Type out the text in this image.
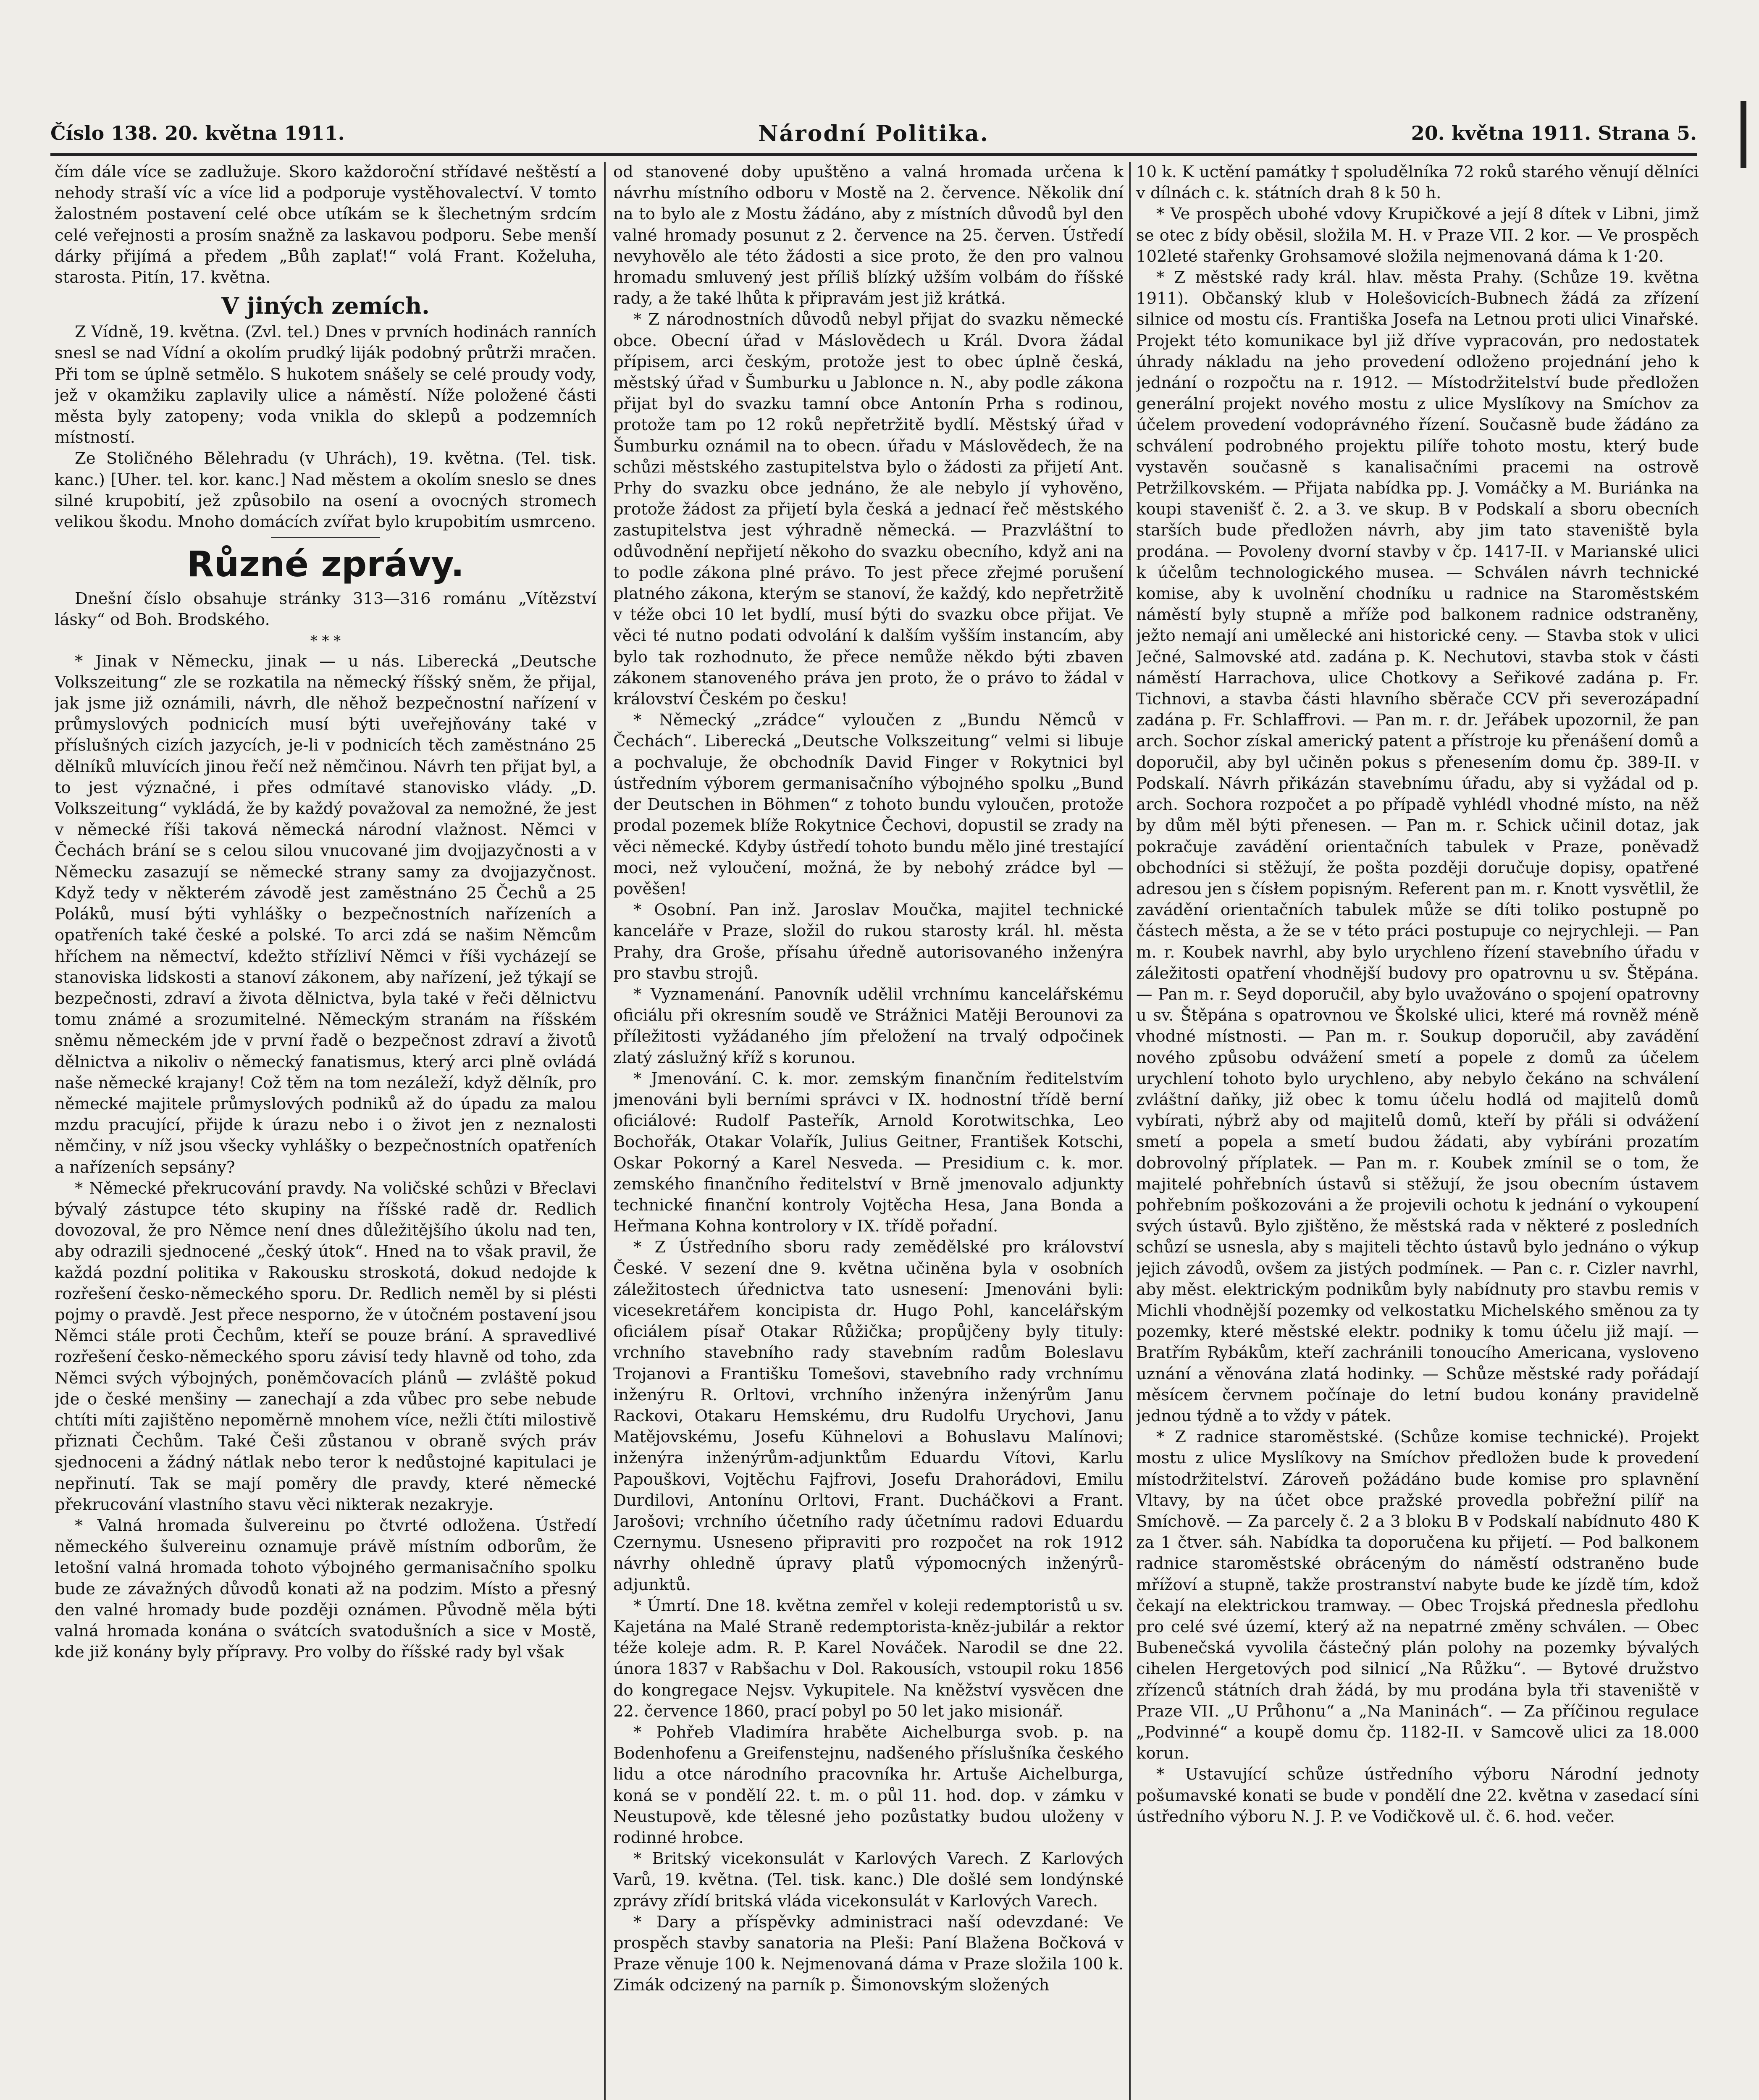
Číslo 138. 20. května 1911.	Národní Politika.	20. května 1911. Strana 5.

čím dále více se zadlužuje. Skoro každoroční střídavé neštěstí a nehody straší víc a více lid a podporuje vystěhovalectví. V tomto žalostném postavení celé obce utíkám se k šlechetným srdcím celé veřejnosti a prosím snažně za laskavou podporu. Sebe menší dárky přijímá a předem „Bůh zaplať!“ volá Frant. Koželuha, starosta. Pitín, 17. května.

V jiných zemích.

Z Vídně, 19. května. (Zvl. tel.) Dnes v prvních hodinách ranních snesl se nad Vídní a okolím prudký liják podobný průtrži mračen. Při tom se úplně setmělo. S hukotem snášely se celé proudy vody, jež v okamžiku zaplavily ulice a náměstí. Níže položené části města byly zatopeny; voda vnikla do sklepů a podzemních místností.

Ze Stoličného Bělehradu (v Uhrách), 19. května. (Tel. tisk. kanc.) [Uher. tel. kor. kanc.] Nad městem a okolím sneslo se dnes silné krupobití, jež způsobilo na osení a ovocných stromech velikou škodu. Mnoho domácích zvířat bylo krupobitím usmrceno.

Různé zprávy.

Dnešní číslo obsahuje stránky 313—316 románu „Vítězství lásky“ od Boh. Brodského.

* * *

* Jinak v Německu, jinak — u nás. Liberecká „Deutsche Volkszeitung“ zle se rozkatila na německý říšský sněm, že přijal, jak jsme již oznámili, návrh, dle něhož bezpečnostní nařízení v průmyslových podnicích musí býti uveřejňovány také v příslušných cizích jazycích, je-li v podnicích těch zaměstnáno 25 dělníků mluvících jinou řečí než němčinou. Návrh ten přijat byl, a to jest význačné, i přes odmítavé stanovisko vlády. „D. Volkszeitung“ vykládá, že by každý považoval za nemožné, že jest v německé říši taková německá národní vlažnost. Němci v Čechách brání se s celou silou vnucované jim dvojjazyčnosti a v Německu zasazují se německé strany samy za dvojjazyčnost. Když tedy v některém závodě jest zaměstnáno 25 Čechů a 25 Poláků, musí býti vyhlášky o bezpečnostních nařízeních a opatřeních také české a polské. To arci zdá se našim Němcům hříchem na němectví, kdežto střízliví Němci v říši vycházejí se stanoviska lidskosti a stanoví zákonem, aby nařízení, jež týkají se bezpečnosti, zdraví a života dělnictva, byla také v řeči dělnictvu tomu známé a srozumitelné. Německým stranám na říšském sněmu německém jde v první řadě o bezpečnost zdraví a životů dělnictva a nikoliv o německý fanatismus, který arci plně ovládá naše německé krajany! Což těm na tom nezáleží, když dělník, pro německé majitele průmyslových podniků až do úpadu za malou mzdu pracující, přijde k úrazu nebo i o život jen z neznalosti němčiny, v níž jsou všecky vyhlášky o bezpečnostních opatřeních a nařízeních sepsány?

* Německé překrucování pravdy. Na voličské schůzi v Břeclavi bývalý zástupce této skupiny na říšské radě dr. Redlich dovozoval, že pro Němce není dnes důležitějšího úkolu nad ten, aby odrazili sjednocené „český útok“. Hned na to však pravil, že každá pozdní politika v Rakousku stroskotá, dokud nedojde k rozřešení česko-německého sporu. Dr. Redlich neměl by si plésti pojmy o pravdě. Jest přece nesporno, že v útočném postavení jsou Němci stále proti Čechům, kteří se pouze brání. A spravedlivé rozřešení česko-německého sporu závisí tedy hlavně od toho, zda Němci svých výbojných, poněmčovacích plánů — zvláště pokud jde o české menšiny — zanechají a zda vůbec pro sebe nebude chtíti míti zajištěno nepoměrně mnohem více, nežli čtíti milostivě přiznati Čechům. Také Češi zůstanou v obraně svých práv sjednoceni a žádný nátlak nebo teror k nedůstojné kapitulaci je nepřinutí. Tak se mají poměry dle pravdy, které německé překrucování vlastního stavu věci nikterak nezakryje.

* Valná hromada šulvereinu po čtvrté odložena. Ústředí německého šulvereinu oznamuje právě místním odborům, že letošní valná hromada tohoto výbojného germanisačního spolku bude ze závažných důvodů konati až na podzim. Místo a přesný den valné hromady bude později oznámen. Původně měla býti valná hromada konána o svátcích svatodušních a sice v Mostě, kde již konány byly přípravy. Pro volby do říšské rady byl však

od stanovené doby upuštěno a valná hromada určena k návrhu místního odboru v Mostě na 2. července. Několik dní na to bylo ale z Mostu žádáno, aby z místních důvodů byl den valné hromady posunut z 2. července na 25. červen. Ústředí nevyhovělo ale této žádosti a sice proto, že den pro valnou hromadu smluvený jest příliš blízký užším volbám do říšské rady, a že také lhůta k připravám jest již krátká.

* Z národnostních důvodů nebyl přijat do svazku německé obce. Obecní úřad v Máslovědech u Král. Dvora žádal přípisem, arci českým, protože jest to obec úplně česká, městský úřad v Šumburku u Jablonce n. N., aby podle zákona přijat byl do svazku tamní obce Antonín Prha s rodinou, protože tam po 12 roků nepřetržitě bydlí. Městský úřad v Šumburku oznámil na to obecn. úřadu v Máslovědech, že na schůzi městského zastupitelstva bylo o žádosti za přijetí Ant. Prhy do svazku obce jednáno, že ale nebylo jí vyhověno, protože žádost za přijetí byla česká a jednací řeč městského zastupitelstva jest výhradně německá. — Prazvláštní to odůvodnění nepřijetí někoho do svazku obecního, když ani na to podle zákona plné právo. To jest přece zřejmé porušení platného zákona, kterým se stanoví, že každý, kdo nepřetržitě v téže obci 10 let bydlí, musí býti do svazku obce přijat. Ve věci té nutno podati odvolání k dalším vyšším instancím, aby bylo tak rozhodnuto, že přece nemůže někdo býti zbaven zákonem stanoveného práva jen proto, že o právo to žádal v království Českém po česku!

* Německý „zrádce“ vyloučen z „Bundu Němců v Čechách“. Liberecká „Deutsche Volkszeitung“ velmi si libuje a pochvaluje, že obchodník David Finger v Rokytnici byl ústředním výborem germanisačního výbojného spolku „Bund der Deutschen in Böhmen“ z tohoto bundu vyloučen, protože prodal pozemek blíže Rokytnice Čechovi, dopustil se zrady na věci německé. Kdyby ústředí tohoto bundu mělo jiné trestající moci, než vyloučení, možná, že by nebohý zrádce byl — pověšen!

* Osobní. Pan inž. Jaroslav Moučka, majitel technické kanceláře v Praze, složil do rukou starosty král. hl. města Prahy, dra Groše, přísahu úředně autorisovaného inženýra pro stavbu strojů.

* Vyznamenání. Panovník udělil vrchnímu kancelářskému oficiálu při okresním soudě ve Strážnici Matěji Berounovi za příležitosti vyžádaného jím přeložení na trvalý odpočinek zlatý záslužný kříž s korunou.

* Jmenování. C. k. mor. zemským finančním ředitelstvím jmenováni byli berními správci v IX. hodnostní třídě berní oficiálové: Rudolf Pasteřík, Arnold Korotwitschka, Leo Bochořák, Otakar Volařík, Julius Geitner, František Kotschi, Oskar Pokorný a Karel Nesveda. — Presidium c. k. mor. zemského finančního ředitelství v Brně jmenovalo adjunkty technické finanční kontroly Vojtěcha Hesa, Jana Bonda a Heřmana Kohna kontrolory v IX. třídě pořadní.

* Z Ústředního sboru rady zemědělské pro království České. V sezení dne 9. května učiněna byla v osobních záležitostech úřednictva tato usnesení: Jmenováni byli: vicesekretářem koncipista dr. Hugo Pohl, kancelářským oficiálem písař Otakar Růžička; propůjčeny byly tituly: vrchního stavebního rady stavebním radům Boleslavu Trojanovi a Františku Tomešovi, stavebního rady vrchnímu inženýru R. Orltovi, vrchního inženýra inženýrům Janu Rackovi, Otakaru Hemskému, dru Rudolfu Urychovi, Janu Matějovskému, Josefu Kühnelovi a Bohuslavu Malínovi; inženýra inženýrům-adjunktům Eduardu Vítovi, Karlu Papouškovi, Vojtěchu Fajfrovi, Josefu Drahorádovi, Emilu Durdilovi, Antonínu Orltovi, Frant. Ducháčkovi a Frant. Jarošovi; vrchního účetního rady účetnímu radovi Eduardu Czernymu. Usneseno připraviti pro rozpočet na rok 1912 návrhy ohledně úpravy platů výpomocných inženýrů-adjunktů.

* Úmrtí. Dne 18. května zemřel v koleji redemptoristů u sv. Kajetána na Malé Straně redemptorista-kněz-jubilár a rektor téže koleje adm. R. P. Karel Nováček. Narodil se dne 22. února 1837 v Rabšachu v Dol. Rakousích, vstoupil roku 1856 do kongregace Nejsv. Vykupitele. Na kněžství vysvěcen dne 22. července 1860, prací pobyl po 50 let jako misionář.

* Pohřeb Vladimíra hraběte Aichelburga svob. p. na Bodenhofenu a Greifenstejnu, nadšeného příslušníka českého lidu a otce národního pracovníka hr. Artuše Aichelburga, koná se v pondělí 22. t. m. o půl 11. hod. dop. v zámku v Neustupově, kde tělesné jeho pozůstatky budou uloženy v rodinné hrobce.

* Britský vicekonsulát v Karlových Varech. Z Karlových Varů, 19. května. (Tel. tisk. kanc.) Dle došlé sem londýnské zprávy zřídí britská vláda vicekonsulát v Karlových Varech.

* Dary a příspěvky administraci naší odevzdané: Ve prospěch stavby sanatoria na Pleši: Paní Blažena Bočková v Praze věnuje 100 k. Nejmenovaná dáma v Praze složila 100 k. Zimák odcizený na parník p. Šimonovským složených

10 k. K uctění památky † spoludělníka 72 roků starého věnují dělníci v dílnách c. k. státních drah 8 k 50 h.

* Ve prospěch ubohé vdovy Krupičkové a její 8 dítek v Libni, jimž se otec z bídy oběsil, složila M. H. v Praze VII. 2 kor. — Ve prospěch 102leté stařenky Grohsamové složila nejmenovaná dáma k 1·20.

* Z městské rady král. hlav. města Prahy. (Schůze 19. května 1911). Občanský klub v Holešovicích-Bubnech žádá za zřízení silnice od mostu cís. Františka Josefa na Letnou proti ulici Vinařské. Projekt této komunikace byl již dříve vypracován, pro nedostatek úhrady nákladu na jeho provedení odloženo projednání jeho k jednání o rozpočtu na r. 1912. — Místodržitelství bude předložen generální projekt nového mostu z ulice Myslíkovy na Smíchov za účelem provedení vodoprávného řízení. Současně bude žádáno za schválení podrobného projektu pilíře tohoto mostu, který bude vystavěn současně s kanalisačními pracemi na ostrově Petržilkovském. — Přijata nabídka pp. J. Vomáčky a M. Buriánka na koupi stavenišť č. 2. a 3. ve skup. B v Podskalí a sboru obecních starších bude předložen návrh, aby jim tato staveniště byla prodána. — Povoleny dvorní stavby v čp. 1417-II. v Marianské ulici k účelům technologického museа. — Schválen návrh technické komise, aby k uvolnění chodníku u radnice na Staroměstském náměstí byly stupně a mříže pod balkonem radnice odstraněny, ježto nemají ani umělecké ani historické ceny. — Stavba stok v ulici Ječné, Salmovské atd. zadána p. K. Nechutovi, stavba stok v části náměstí Harrachova, ulice Chotkovy a Seřikové zadána p. Fr. Tichnovi, a stavba části hlavního sběrače CCV při severozápadní zadána p. Fr. Schlaffrovi. — Pan m. r. dr. Jeřábek upozornil, že pan arch. Sochor získal americký patent a přístroje ku přenášení domů a doporučil, aby byl učiněn pokus s přenesením domu čp. 389-II. v Podskalí. Návrh přikázán stavebnímu úřadu, aby si vyžádal od p. arch. Sochora rozpočet a po případě vyhlédl vhodné místo, na něž by dům měl býti přenesen. — Pan m. r. Schick učinil dotaz, jak pokračuje zavádění orientačních tabulek v Praze, poněvadž obchodníci si stěžují, že pošta později doručuje dopisy, opatřené adresou jen s čísłem popisným. Referent pan m. r. Knott vysvětlil, že zavádění orientačních tabulek může se díti toliko postupně po částech města, a že se v této práci postupuje co nejrychleji. — Pan m. r. Koubek navrhl, aby bylo urychleno řízení stavebního úřadu v záležitosti opatření vhodnější budovy pro opatrovnu u sv. Štěpána. — Pan m. r. Seyd doporučil, aby bylo uvažováno o spojení opatrovny u sv. Štěpána s opatrovnou ve Školské ulici, které má rovněž méně vhodné místnosti. — Pan m. r. Soukup doporučil, aby zavádění nového způsobu odvážení smetí a popele z domů za účelem urychlení tohoto bylo urychleno, aby nebylo čekáno na schválení zvláštní daňky, již obec k tomu účelu hodlá od majitelů domů vybírati, nýbrž aby od majitelů domů, kteří by přáli si odvážení smetí a popela a smetí budou žádati, aby vybíráni prozatím dobrovolný příplatek. — Pan m. r. Koubek zmínil se o tom, že majitelé pohřebních ústavů si stěžují, že jsou obecním ústavem pohřebním poškozováni a že projevili ochotu k jednání o vykoupení svých ústavů. Bylo zjištěno, že městská rada v některé z posledních schůzí se usnesla, aby s majiteli těchto ústavů bylo jednáno o výkup jejich závodů, ovšem za jistých podmínek. — Pan c. r. Cizler navrhl, aby měst. elektrickým podnikům byly nabídnuty pro stavbu remis v Michli vhodnější pozemky od velkostatku Michelského směnou za ty pozemky, které městské elektr. podniky k tomu účelu již mají. — Bratřím Rybákům, kteří zachránili tonoucího Americana, vysloveno uznání a věnována zlatá hodinky. — Schůze městské rady pořádají měsícem červnem počínaje do letní budou konány pravidelně jednou týdně a to vždy v pátek.

* Z radnice staroměstské. (Schůze komise technické). Projekt mostu z ulice Myslíkovy na Smíchov předložen bude k provedení místodržitelství. Zároveň požádáno bude komise pro splavnění Vltavy, by na účet obce pražské provedla pobřežní pilíř na Smíchově. — Za parcely č. 2 a 3 bloku B v Podskalí nabídnuto 480 K za 1 čtver. sáh. Nabídka ta doporučena ku přijetí. — Pod balkonem radnice staroměstské obráceným do náměstí odstraněno bude mřížoví a stupně, takže prostranství nabyte bude ke jízdě tím, kdož čekají na elektrickou tramway. — Obec Trojská přednesla předlohu pro celé své území, který až na nepatrné změny schválen. — Obec Bubenečská vyvolila částečný plán polohy na pozemky bývalých cihelen Hergetových pod silnicí „Na Růžku“. — Bytové družstvo zřízenců státních drah žádá, by mu prodána byla tři staveniště v Praze VII. „U Průhonu“ a „Na Maninách“. — Za příčinou regulace „Podvinné“ a koupě domu čp. 1182-II. v Samcově ulici za 18.000 korun.

* Ustavující schůze ústředního výboru Národní jednoty pošumavské konati se bude v pondělí dne 22. května v zasedací síni ústředního výboru N. J. P. ve Vodičkově ul. č. 6. hod. večer.
